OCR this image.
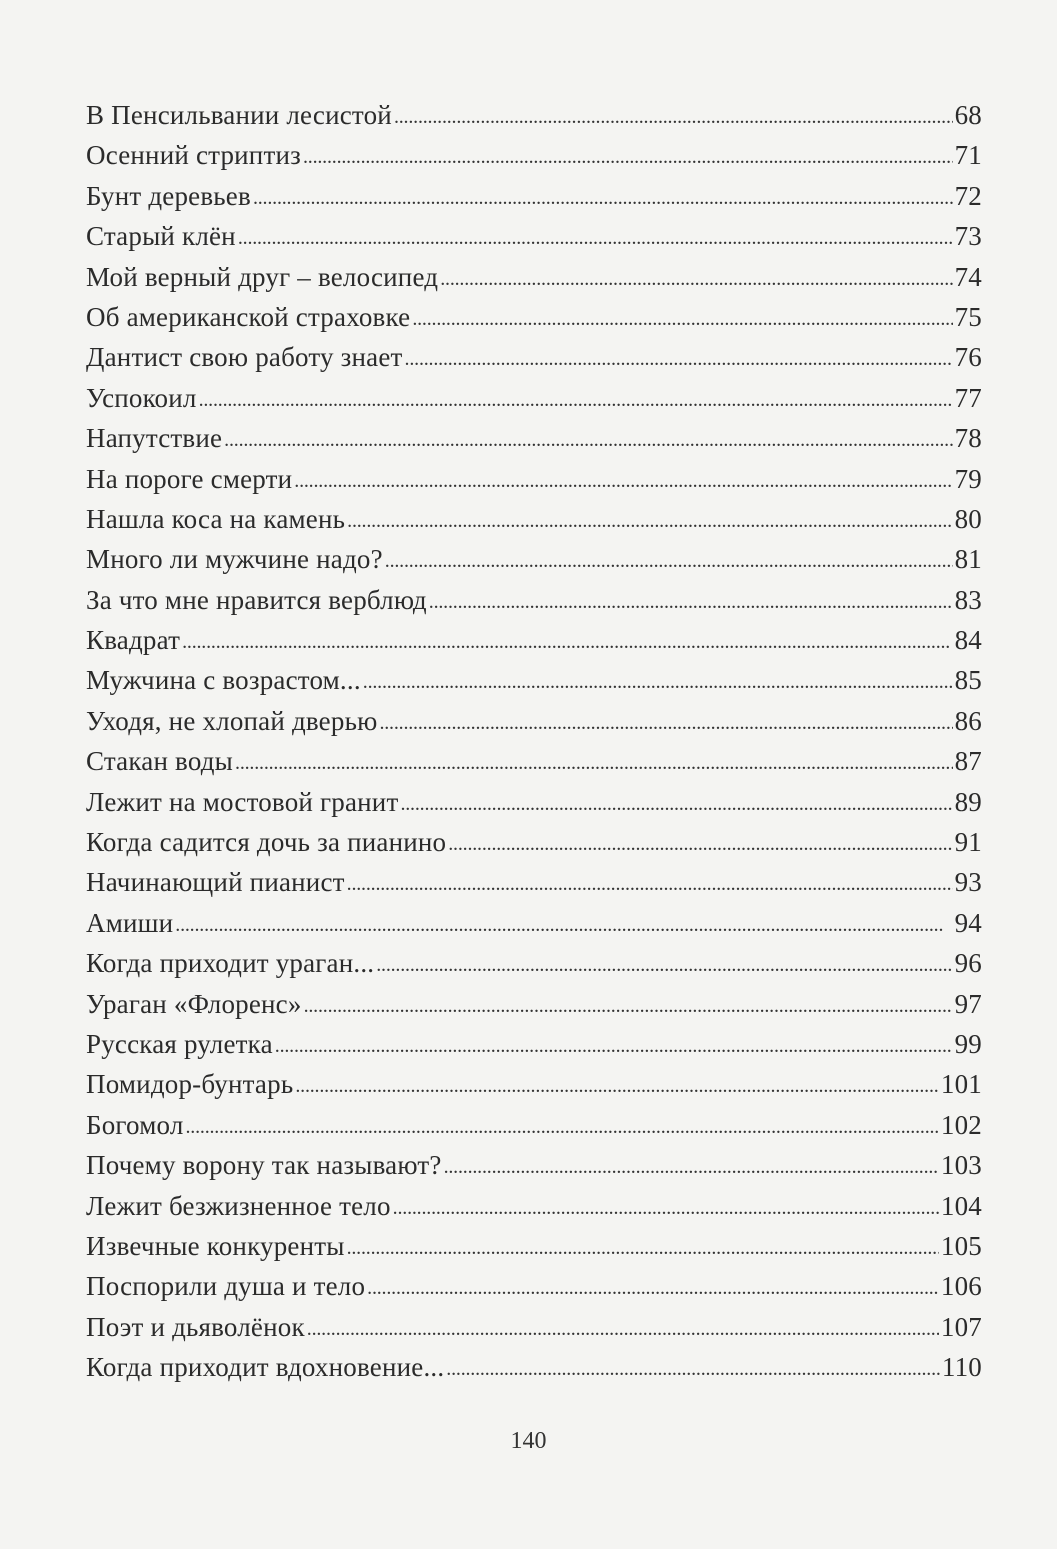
В Пенсильвании лесистой . . .	68
Осенний стриптиз . . .	71
Бунт деревьев . . .	72
Старый клён . . .	73
Мой верный друг – велосипед . . .	74
Об американской страховке . . .	75
Дантист свою работу знает . . .	76
Успокоил . . .	77
Напутствие . . .	78
На пороге смерти . . .	79
Нашла коса на камень . . .	80
Много ли мужчине надо? . . .	81
За что мне нравится верблюд . . .	83
Квадрат . . .	84
Мужчина с возрастом... . . .	85
Уходя, не хлопай дверью . . .	86
Стакан воды . . .	87
Лежит на мостовой гранит . . .	89
Когда садится дочь за пианино . . .	91
Начинающий пианист . . .	93
Амиши . . .	94
Когда приходит ураган... . . .	96
Ураган «Флоренс» . . .	97
Русская рулетка . . .	99
Помидор-бунтарь . . .	101
Богомол . . .	102
Почему ворону так называют? . . .	103
Лежит безжизненное тело . . .	104
Извечные конкуренты . . .	105
Поспорили душа и тело . . .	106
Поэт и дьяволёнок . . .	107
Когда приходит вдохновение... . . .	110
140
